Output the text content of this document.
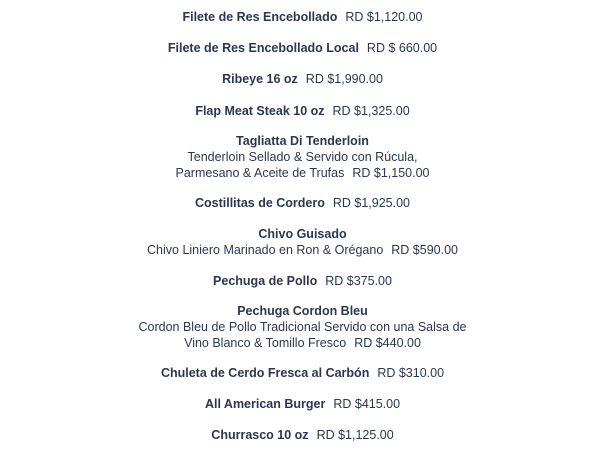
Filete de Res Encebollado RD $1,120.00
Filete de Res Encebollado Local RD $ 660.00
Ribeye 16 oz RD $1,990.00
Flap Meat Steak 10 oz RD $1,325.00
Tagliatta Di Tenderloin
Tenderloin Sellado & Servido con Rúcula,
Parmesano & Aceite de Trufas RD $1,150.00
Costillitas de Cordero RD $1,925.00
Chivo Guisado
Chivo Liniero Marinado en Ron & Orégano RD $590.00
Pechuga de Pollo RD $375.00
Pechuga Cordon Bleu
Cordon Bleu de Pollo Tradicional Servido con una Salsa de
Vino Blanco & Tomillo Fresco RD $440.00
Chuleta de Cerdo Fresca al Carbón RD $310.00
All American Burger RD $415.00
Churrasco 10 oz RD $1,125.00
